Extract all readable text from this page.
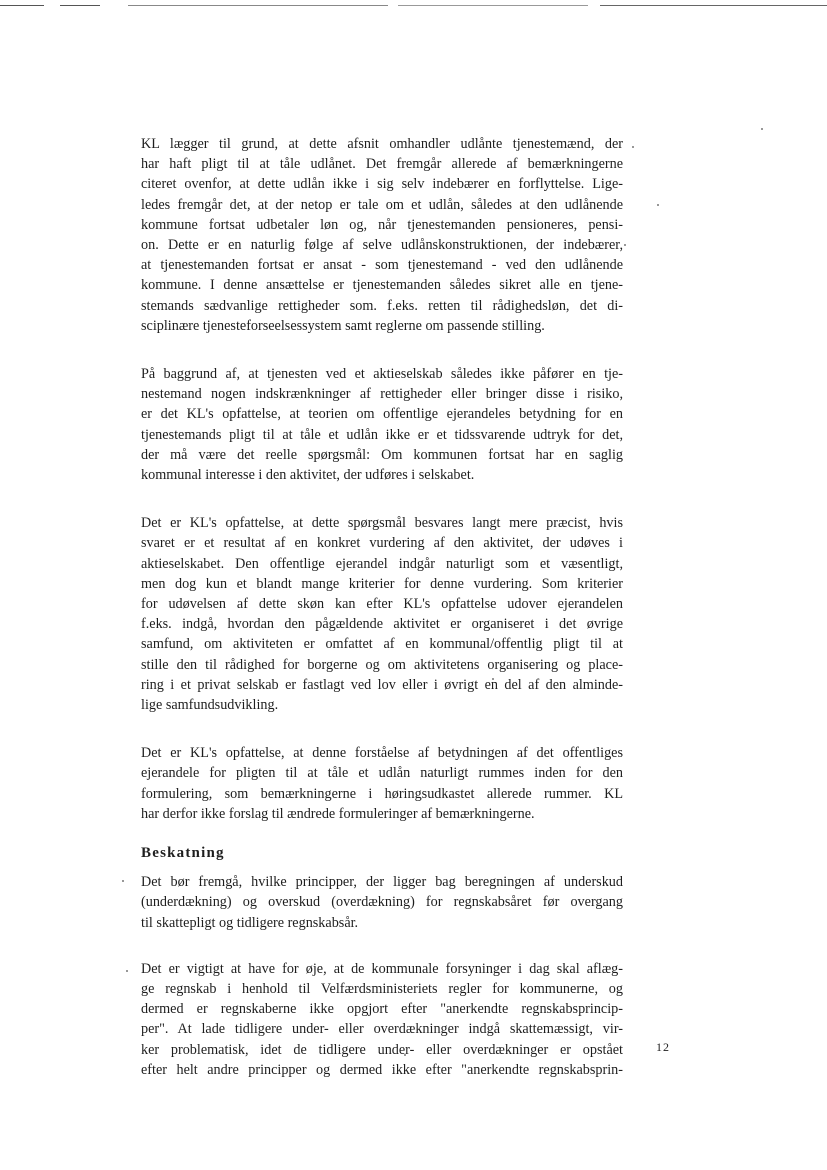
KL lægger til grund, at dette afsnit omhandler udlånte tjenestemænd, der
har haft pligt til at tåle udlånet. Det fremgår allerede af bemærkningerne
citeret ovenfor, at dette udlån ikke i sig selv indebærer en forflyttelse. Lige-
ledes fremgår det, at der netop er tale om et udlån, således at den udlånende
kommune fortsat udbetaler løn og, når tjenestemanden pensioneres, pensi-
on. Dette er en naturlig følge af selve udlånskonstruktionen, der indebærer,
at tjenestemanden fortsat er ansat - som tjenestemand - ved den udlånende
kommune. I denne ansættelse er tjenestemanden således sikret alle en tjene-
stemands sædvanlige rettigheder som. f.eks. retten til rådighedsløn, det di-
sciplinære tjenesteforseelsessystem samt reglerne om passende stilling.

På baggrund af, at tjenesten ved et aktieselskab således ikke påfører en tje-
nestemand nogen indskrænkninger af rettigheder eller bringer disse i risiko,
er det KL's opfattelse, at teorien om offentlige ejerandeles betydning for en
tjenestemands pligt til at tåle et udlån ikke er et tidssvarende udtryk for det,
der må være det reelle spørgsmål: Om kommunen fortsat har en saglig
kommunal interesse i den aktivitet, der udføres i selskabet.

Det er KL's opfattelse, at dette spørgsmål besvares langt mere præcist, hvis
svaret er et resultat af en konkret vurdering af den aktivitet, der udøves i
aktieselskabet. Den offentlige ejerandel indgår naturligt som et væsentligt,
men dog kun et blandt mange kriterier for denne vurdering. Som kriterier
for udøvelsen af dette skøn kan efter KL's opfattelse udover ejerandelen
f.eks. indgå, hvordan den pågældende aktivitet er organiseret i det øvrige
samfund, om aktiviteten er omfattet af en kommunal/offentlig pligt til at
stille den til rådighed for borgerne og om aktivitetens organisering og place-
ring i et privat selskab er fastlagt ved lov eller i øvrigt en del af den alminde-
lige samfundsudvikling.

Det er KL's opfattelse, at denne forståelse af betydningen af det offentliges
ejerandele for pligten til at tåle et udlån naturligt rummes inden for den
formulering, som bemærkningerne i høringsudkastet allerede rummer. KL
har derfor ikke forslag til ændrede formuleringer af bemærkningerne.

Beskatning

Det bør fremgå, hvilke principper, der ligger bag beregningen af underskud
(underdækning) og overskud (overdækning) for regnskabsåret før overgang
til skattepligt og tidligere regnskabsår.

Det er vigtigt at have for øje, at de kommunale forsyninger i dag skal aflæg-
ge regnskab i henhold til Velfærdsministeriets regler for kommunerne, og
dermed er regnskaberne ikke opgjort efter "anerkendte regnskabsprincip-
per". At lade tidligere under- eller overdækninger indgå skattemæssigt, vir-
ker problematisk, idet de tidligere under- eller overdækninger er opstået
efter helt andre principper og dermed ikke efter "anerkendte regnskabsprin-

12
